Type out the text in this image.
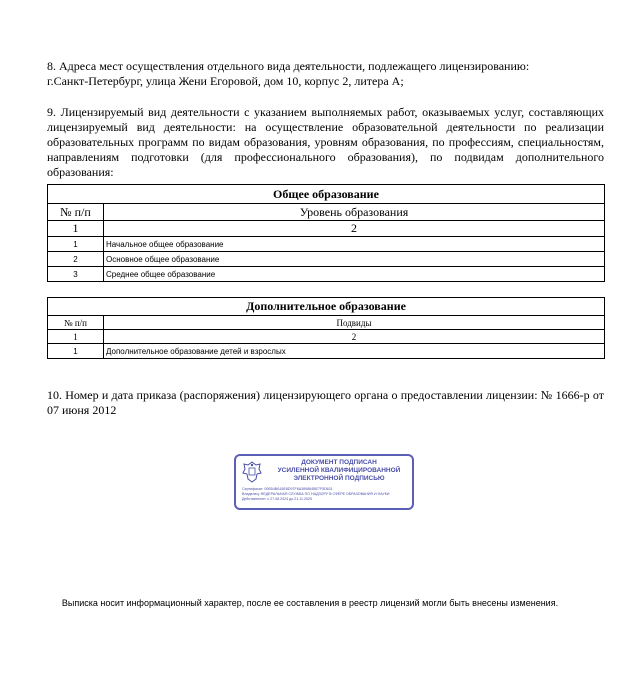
8. Адреса мест осуществления отдельного вида деятельности, подлежащего лицензированию:
г.Санкт-Петербург, улица Жени Егоровой, дом 10, корпус 2, литера А;
9. Лицензируемый вид деятельности с указанием выполняемых работ, оказываемых услуг, составляющих лицензируемый вид деятельности: на осуществление образовательной деятельности по реализации образовательных программ по видам образования, уровням образования, по профессиям, специальностям, направлениям подготовки (для профессионального образования), по подвидам дополнительного образования:
Общее образование	
№ п/п	Уровень образования
1	2
1	Начальное общее образование
2	Основное общее образование
3	Среднее общее образование
Дополнительное образование	
№ п/п	Подвиды
1	2
1	Дополнительное образование детей и взрослых
10. Номер и дата приказа (распоряжения) лицензирующего органа о предоставлении лицензии: № 1666-р от 07 июня 2012
ДОКУМЕНТ ПОДПИСАН
УСИЛЕННОЙ КВАЛИФИЦИРОВАННОЙ
ЭЛЕКТРОННОЙ ПОДПИСЬЮ
Сертификат: 00B54BA16E8D97F6A389884BE7F5D631
Владелец: ФЕДЕРАЛЬНАЯ СЛУЖБА ПО НАДЗОРУ В СФЕРЕ ОБРАЗОВАНИЯ И НАУКИ
Действителен: с 27.08.2024 до 21.11.2025
Выписка носит информационный характер, после ее составления в реестр лицензий могли быть внесены изменения.
